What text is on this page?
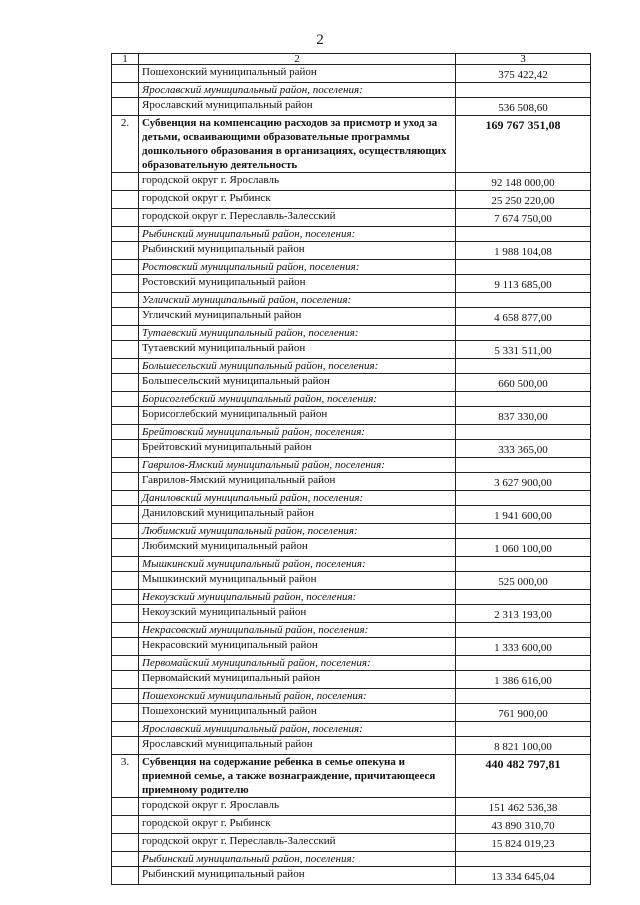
2
1	2	3
	Пошехонский муниципальный район	375 422,42
	Ярославский муниципальный район, поселения:	
	Ярославский муниципальный район	536 508,60
2.	Субвенция на компенсацию расходов за присмотр и уход за детьми, осваивающими образовательные программы дошкольного образования в организациях, осуществляющих образовательную деятельность	169 767 351,08
	городской округ г. Ярославль	92 148 000,00
	городской округ г. Рыбинск	25 250 220,00
	городской округ г. Переславль-Залесский	7 674 750,00
	Рыбинский муниципальный район, поселения:	
	Рыбинский муниципальный район	1 988 104,08
	Ростовский муниципальный район, поселения:	
	Ростовский муниципальный район	9 113 685,00
	Угличский муниципальный район, поселения:	
	Угличский муниципальный район	4 658 877,00
	Тутаевский муниципальный район, поселения:	
	Тутаевский муниципальный район	5 331 511,00
	Большесельский муниципальный район, поселения:	
	Большесельский муниципальный район	660 500,00
	Борисоглебский муниципальный район, поселения:	
	Борисоглебский муниципальный район	837 330,00
	Брейтовский муниципальный район, поселения:	
	Брейтовский муниципальный район	333 365,00
	Гаврилов-Ямский муниципальный район, поселения:	
	Гаврилов-Ямский муниципальный район	3 627 900,00
	Даниловский муниципальный район, поселения:	
	Даниловский муниципальный район	1 941 600,00
	Любимский муниципальный район, поселения:	
	Любимский муниципальный район	1 060 100,00
	Мышкинский муниципальный район, поселения:	
	Мышкинский муниципальный район	525 000,00
	Некоузский муниципальный район, поселения:	
	Некоузский муниципальный район	2 313 193,00
	Некрасовский муниципальный район, поселения:	
	Некрасовский муниципальный район	1 333 600,00
	Первомайский муниципальный район, поселения:	
	Первомайский муниципальный район	1 386 616,00
	Пошехонский муниципальный район, поселения:	
	Пошехонский муниципальный район	761 900,00
	Ярославский муниципальный район, поселения:	
	Ярославский муниципальный район	8 821 100,00
3.	Субвенция на содержание ребенка в семье опекуна и приемной семье, а также вознаграждение, причитающееся приемному родителю	440 482 797,81
	городской округ г. Ярославль	151 462 536,38
	городской округ г. Рыбинск	43 890 310,70
	городской округ г. Переславль-Залесский	15 824 019,23
	Рыбинский муниципальный район, поселения:	
	Рыбинский муниципальный район	13 334 645,04
